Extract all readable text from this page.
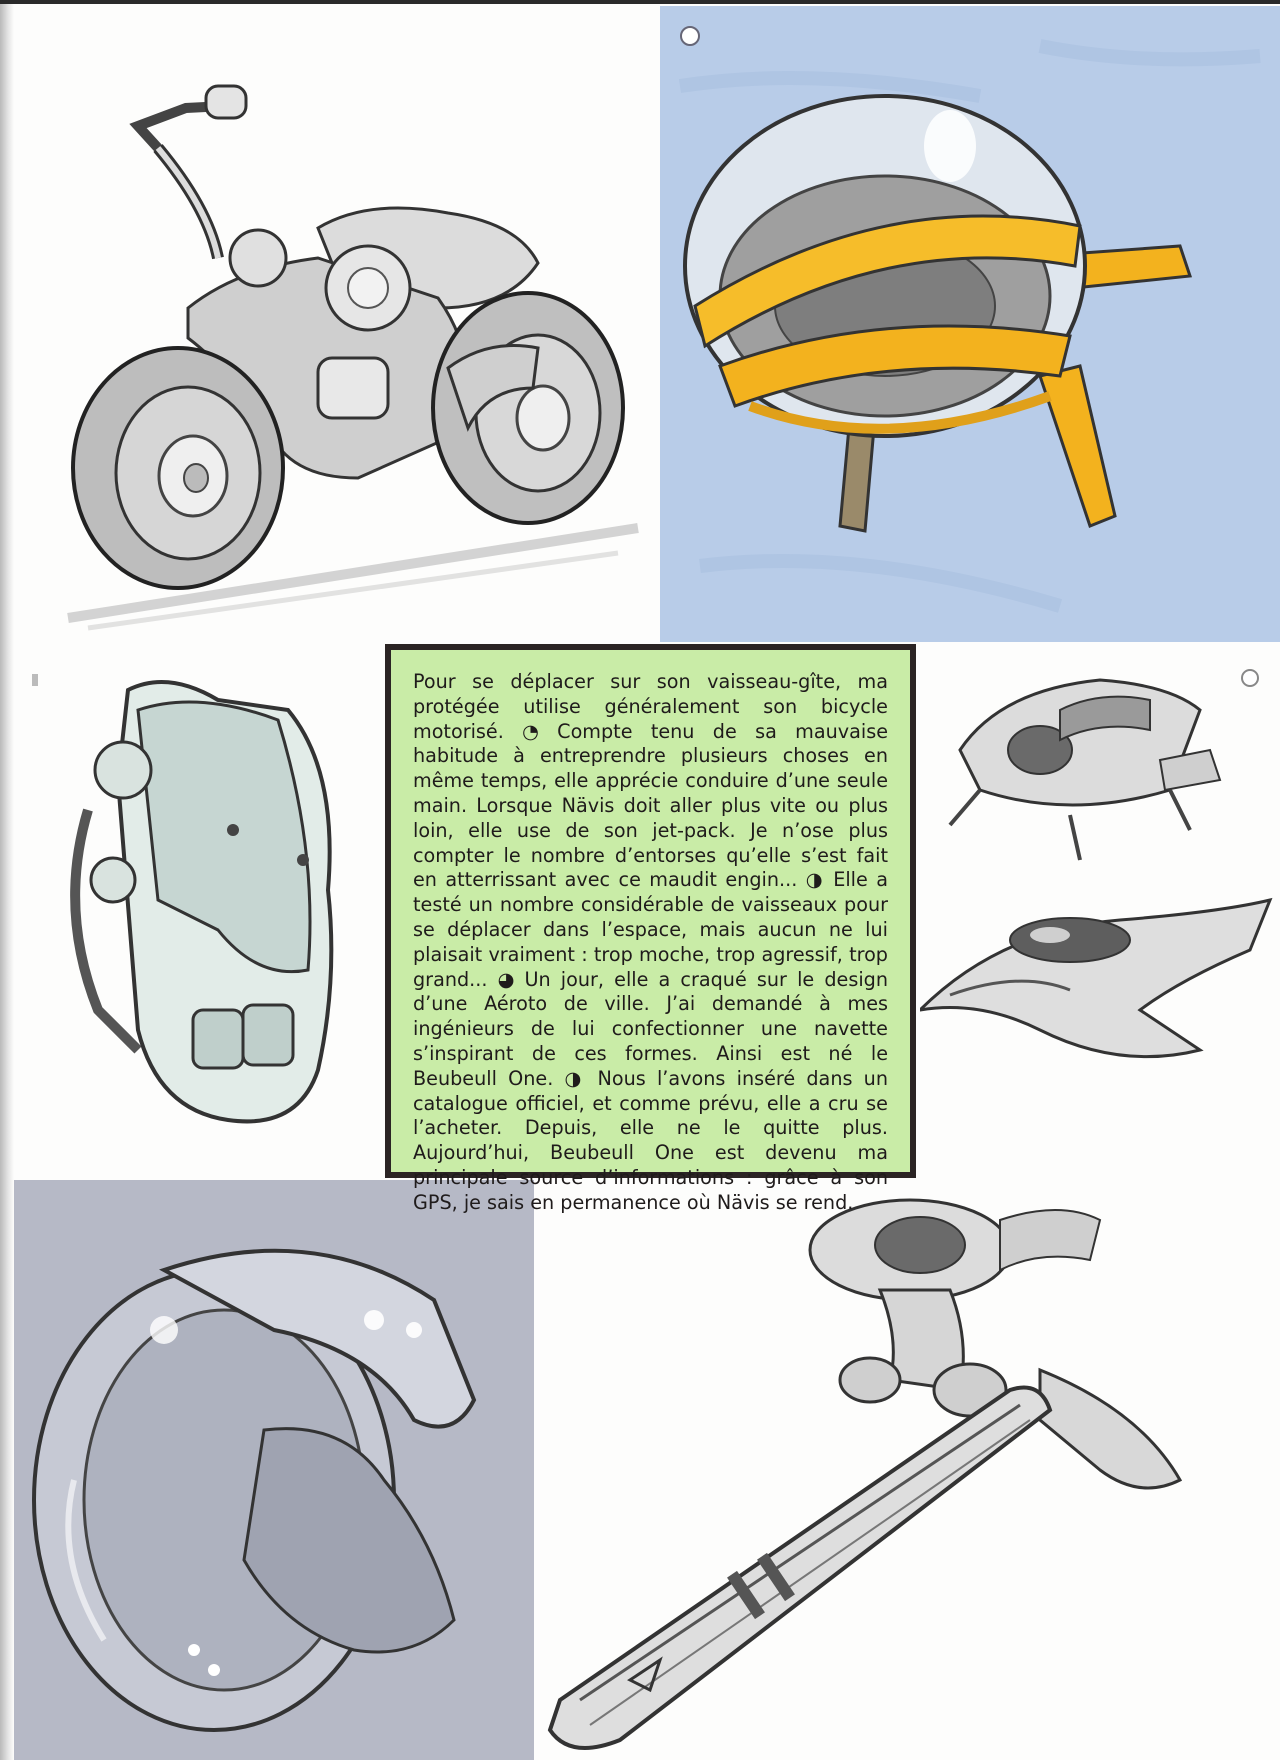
Pour se déplacer sur son vaisseau-gîte, ma protégée utilise généralement son bicycle motorisé. ◔ Compte tenu de sa mauvaise habitude à entreprendre plusieurs choses en même temps, elle apprécie conduire d’une seule main. Lorsque Nävis doit aller plus vite ou plus loin, elle use de son jet-pack. Je n’ose plus compter le nombre d’entorses qu’elle s’est fait en atterrissant avec ce maudit engin... ◑ Elle a testé un nombre considérable de vaisseaux pour se déplacer dans l’espace, mais aucun ne lui plaisait vraiment : trop moche, trop agressif, trop grand... ◕ Un jour, elle a craqué sur le design d’une Aéroto de ville. J’ai demandé à mes ingénieurs de lui confectionner une navette s’inspirant de ces formes. Ainsi est né le Beubeull One. ◑ Nous l’avons inséré dans un catalogue officiel, et comme prévu, elle a cru se l’acheter. Depuis, elle ne le quitte plus. Aujourd’hui, Beubeull One est devenu ma principale source d’informations : grâce à son GPS, je sais en permanence où Nävis se rend.
